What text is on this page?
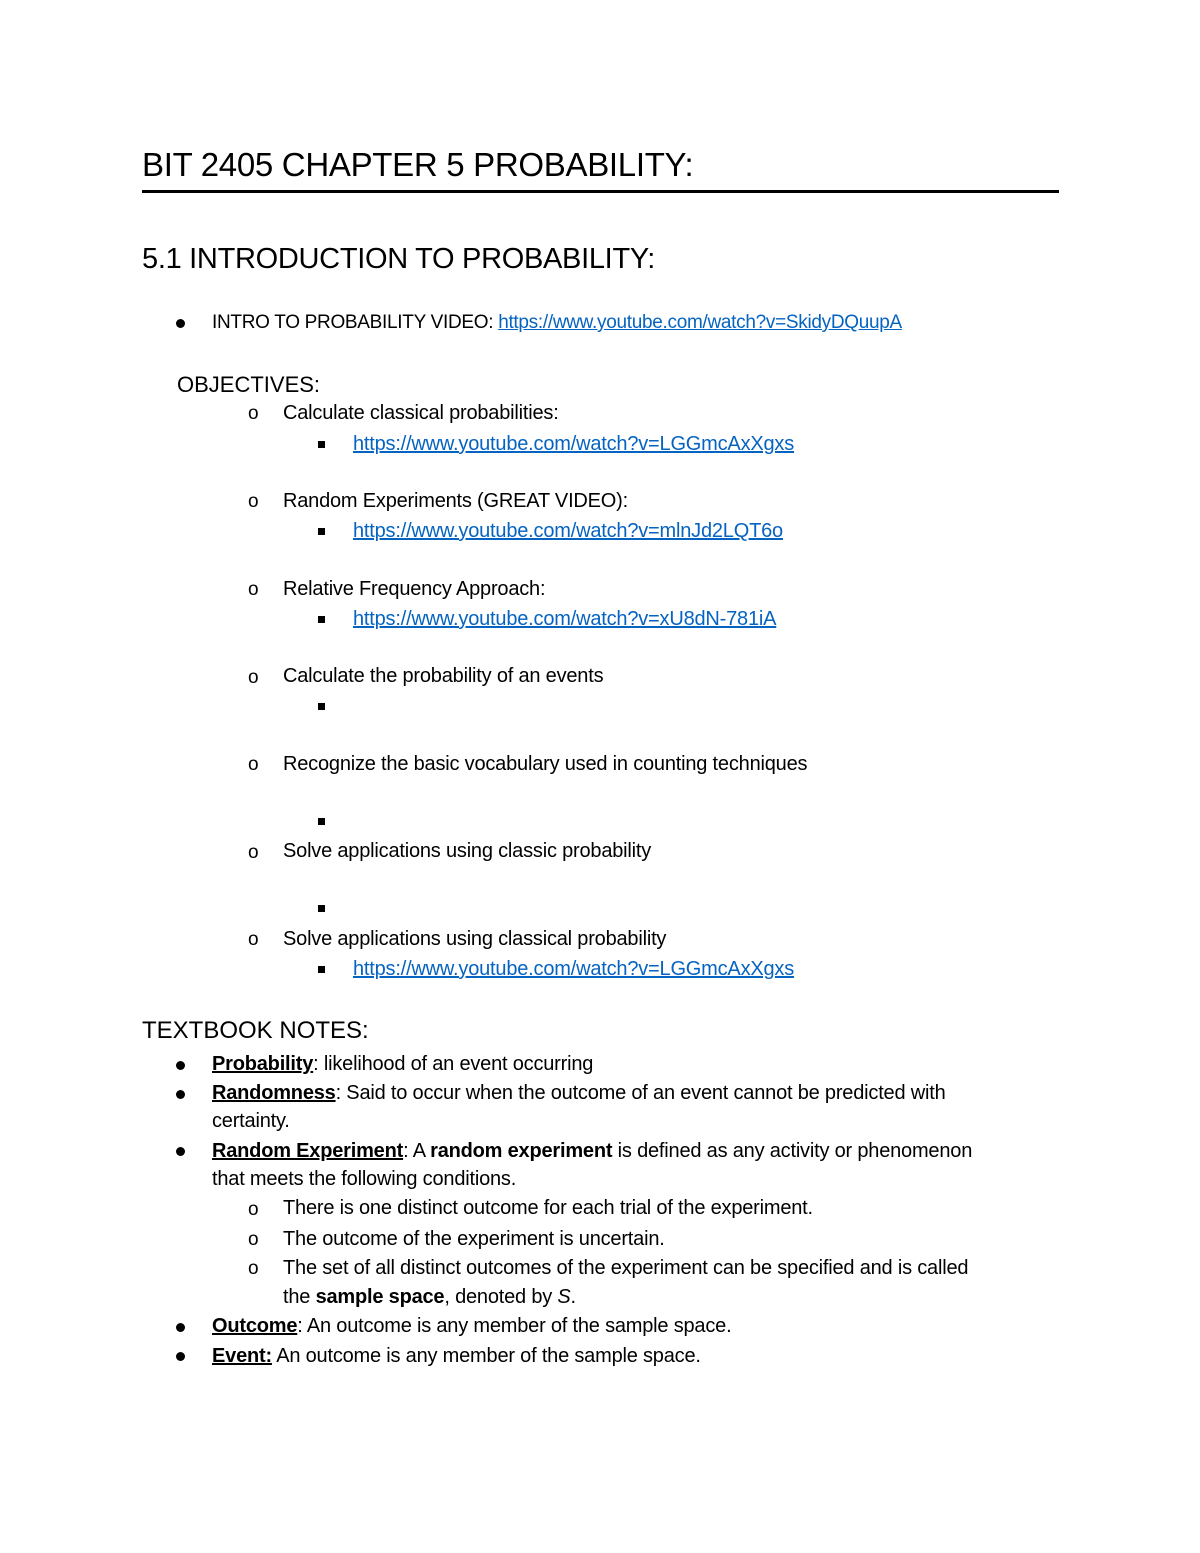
BIT 2405 CHAPTER 5 PROBABILITY:
5.1 INTRODUCTION TO PROBABILITY:
INTRO TO PROBABILITY VIDEO: https://www.youtube.com/watch?v=SkidyDQuupA
OBJECTIVES:
o Calculate classical probabilities:
https://www.youtube.com/watch?v=LGGmcAxXgxs
o Random Experiments (GREAT VIDEO):
https://www.youtube.com/watch?v=mlnJd2LQT6o
o Relative Frequency Approach:
https://www.youtube.com/watch?v=xU8dN-781iA
o Calculate the probability of an events
o Recognize the basic vocabulary used in counting techniques
o Solve applications using classic probability
o Solve applications using classical probability
https://www.youtube.com/watch?v=LGGmcAxXgxs
TEXTBOOK NOTES:
Probability: likelihood of an event occurring
Randomness: Said to occur when the outcome of an event cannot be predicted with
certainty.
Random Experiment: A random experiment is defined as any activity or phenomenon
that meets the following conditions.
o There is one distinct outcome for each trial of the experiment.
o The outcome of the experiment is uncertain.
o The set of all distinct outcomes of the experiment can be specified and is called
the sample space, denoted by S.
Outcome: An outcome is any member of the sample space.
Event: An outcome is any member of the sample space.
